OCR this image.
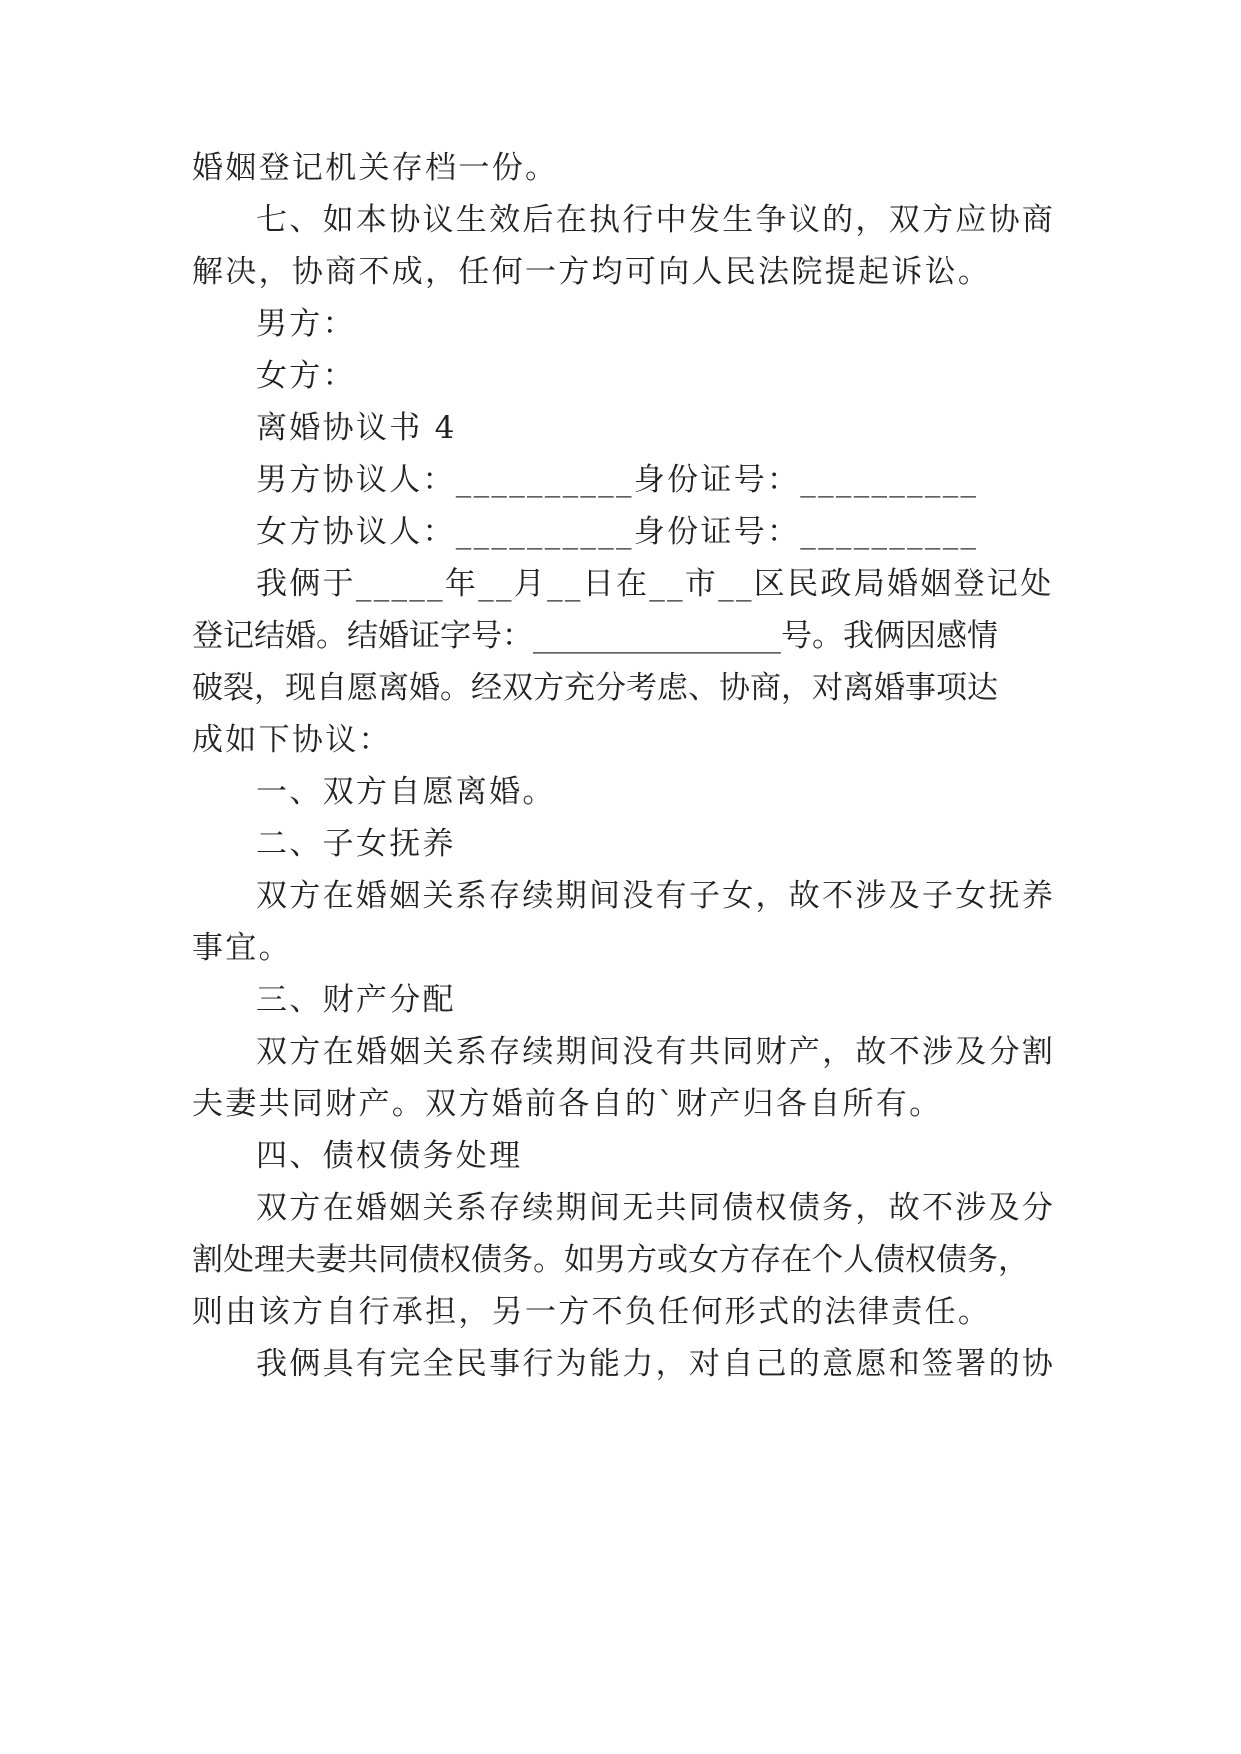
婚姻登记机关存档一份。
七、如本协议生效后在执行中发生争议的，双方应协商
解决，协商不成，任何一方均可向人民法院提起诉讼。
男方：
女方：
离婚协议书 4
男方协议人：__________身份证号：__________
女方协议人：__________身份证号：__________
我俩于_____年__月__日在__市__区民政局婚姻登记处
登记结婚。结婚证字号：________________号。我俩因感情
破裂，现自愿离婚。经双方充分考虑、协商，对离婚事项达
成如下协议：
一、双方自愿离婚。
二、子女抚养
双方在婚姻关系存续期间没有子女，故不涉及子女抚养
事宜。
三、财产分配
双方在婚姻关系存续期间没有共同财产，故不涉及分割
夫妻共同财产。双方婚前各自的`财产归各自所有。
四、债权债务处理
双方在婚姻关系存续期间无共同债权债务，故不涉及分
割处理夫妻共同债权债务。如男方或女方存在个人债权债务，
则由该方自行承担，另一方不负任何形式的法律责任。
我俩具有完全民事行为能力，对自己的意愿和签署的协
